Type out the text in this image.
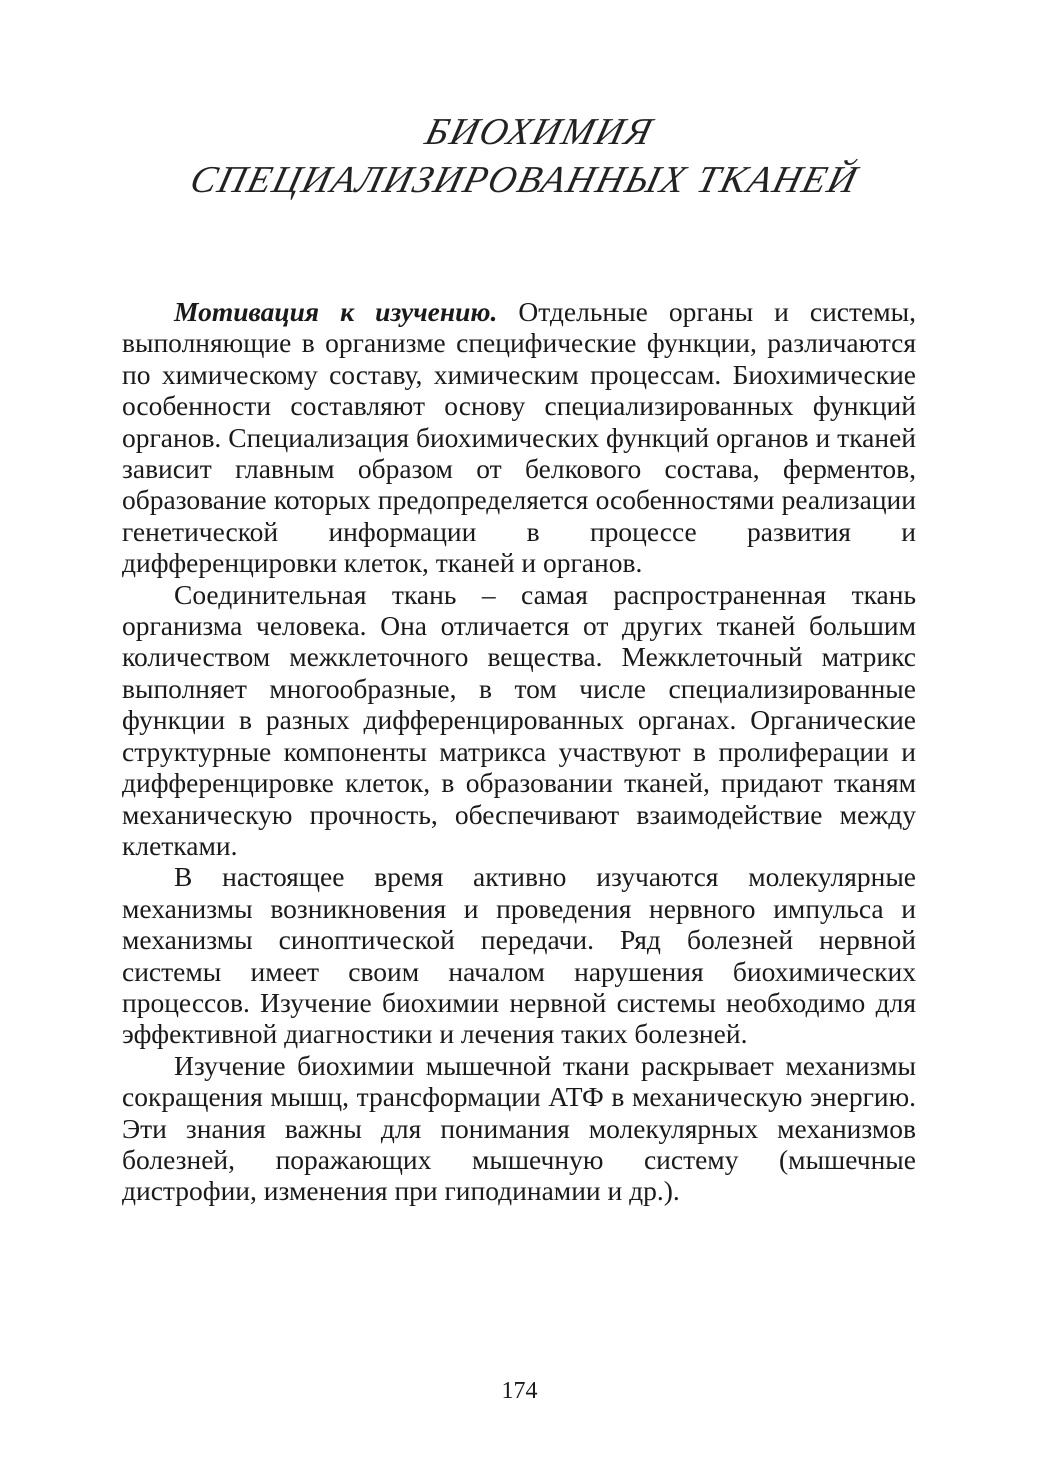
БИОХИМИЯ
СПЕЦИАЛИЗИРОВАННЫХ ТКАНЕЙ

Мотивация к изучению. Отдельные органы и системы, выполняющие в организме специфические функции, различаются по химическому составу, химическим процессам. Биохимические особенности составляют основу специализированных функций органов. Специализация биохимических функций органов и тканей зависит главным образом от белкового состава, ферментов, образование которых предопределяется особенностями реализации генетической информации в процессе развития и дифференцировки клеток, тканей и органов.

Соединительная ткань – самая распространенная ткань организма человека. Она отличается от других тканей большим количеством межклеточного вещества. Межклеточный матрикс выполняет многообразные, в том числе специализированные функции в разных дифференцированных органах. Органические структурные компоненты матрикса участвуют в пролиферации и дифференцировке клеток, в образовании тканей, придают тканям механическую прочность, обеспечивают взаимодействие между клетками.

В настоящее время активно изучаются молекулярные механизмы возникновения и проведения нервного импульса и механизмы синоптической передачи. Ряд болезней нервной системы имеет своим началом нарушения биохимических процессов. Изучение биохимии нервной системы необходимо для эффективной диагностики и лечения таких болезней.

Изучение биохимии мышечной ткани раскрывает механизмы сокращения мышц, трансформации АТФ в механическую энергию. Эти знания важны для понимания молекулярных механизмов болезней, поражающих мышечную систему (мышечные дистрофии, изменения при гиподинамии и др.).

174
